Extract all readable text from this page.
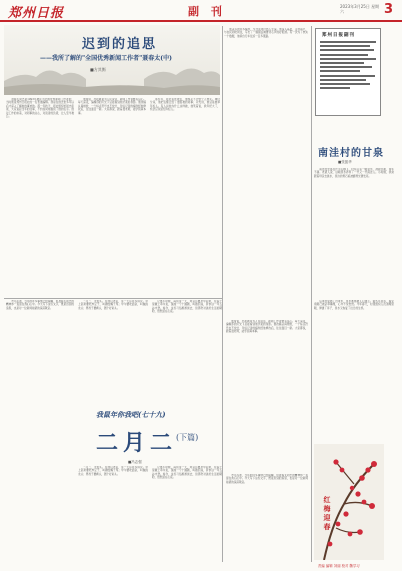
郑州日报	副 刊	2023年3月25日 星期六	3
迟到的追思
——我所了解的"全国优秀新闻工作者"聂春太(中)
■方其衡

聂春太同志是1993年被评为全国优秀新闻工作者的，当时他是郑州日报社的一名普通编辑。我是在他去世多年以后才深入了解他的事迹的。那一年秋天，报社组织老同志座谈，大家说起当年的往事，不约而同地提到了他的名字。他对工作的执着，对同事的关心，对读者的负责，让人至今难忘。

他常说，办报就是为人民说话，新闻工作者要有良心。每天深夜，编辑部的灯光下总能看到他伏案的身影。他改稿认真细致，一个标点符号也不放过，年轻记者的稿件经他修改后，往往面目一新。大家都说，跟着聂老师，能学到真本事。

那些年，报社条件艰苦，他却从不计较个人得失。单位分房，他把名额让给了更困难的同事；评先进，他总是推举年轻人。有人问他为什么这样做，他笑着说，我年纪大了，机会应该留给年轻人。

他采写的许多稿件，至今读来仍感人至深。他深入基层，走村串户，与农民同吃同住，写出了一篇篇反映群众心声的好报道。有一次为了核实一个数据，他骑自行车往返一百多里路。

岁月流逝，当年的许多事情已经模糊，但聂春太同志的精神却一直留在我们心中。今天写下这些文字，既是迟到的追思，也是对一位新闻前辈的深深敬意。

二月二，龙抬头。在我们老家，这一天有许多讲究。早上起来要吃炒豆子，叫做咬蝎子尾；中午要吃面条，叫做挑龙头；男孩子要剃头，图个好彩头。

记得小时候，每到这一天，母亲总要早早起来，在院子里撒上草木灰，围成一个个圆圈，叫做打囤，祈求这一年五谷丰登。如今，这些习俗渐渐淡去，但那份对美好生活的期盼，依然留在心底。

他常说，办报就是为人民说话，新闻工作者要有良心。每天深夜，编辑部的灯光下总能看到他伏案的身影。他改稿认真细致，一个标点符号也不放过，年轻记者的稿件经他修改后，往往面目一新。大家都说，跟着聂老师，能学到真本事。

郑州日报副刊
南洼村的甘泉
■张振华

南洼村坐落在伏牛山脚下，村东头有一眼泉水，清澈甘甜，常年不涸。老辈人说，这眼泉水养育了一代又一代南洼人。小时候，我常跟着母亲去挑水，泉边的青石板被磨得光滑发亮。

后来村里通了自来水，泉水渐渐被人们遗忘。前些年回乡，看见泉眼已被杂草掩埋，心中不免怅然。今年春天，村里组织人员清理泉眼，修建了亭子，泉水又恢复了往日的生机。

我鼠年你我吧(七十九)
二月二
(下篇)
■冯志强

二月二，龙抬头。在我们老家，这一天有许多讲究。早上起来要吃炒豆子，叫做咬蝎子尾；中午要吃面条，叫做挑龙头；男孩子要剃头，图个好彩头。

记得小时候，每到这一天，母亲总要早早起来，在院子里撒上草木灰，围成一个个圆圈，叫做打囤，祈求这一年五谷丰登。如今，这些习俗渐渐淡去，但那份对美好生活的期盼，依然留在心底。

岁月流逝，当年的许多事情已经模糊，但聂春太同志的精神却一直留在我们心中。今天写下这些文字，既是迟到的追思，也是对一位新闻前辈的深深敬意。

红梅迎春
责编 编辑 刘丽 校对 魏学习
